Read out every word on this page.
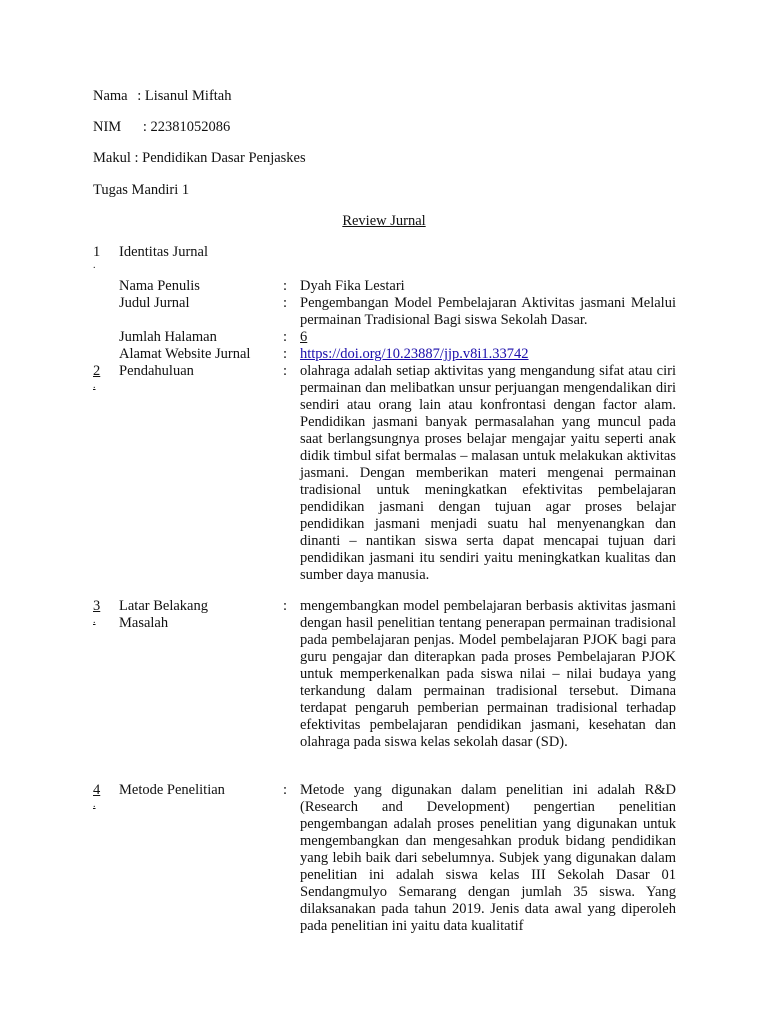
Nama : Lisanul Miftah
NIM : 22381052086
Makul : Pendidikan Dasar Penjaskes
Tugas Mandiri 1
Review Jurnal
1
.
Identitas Jurnal
Nama Penulis	: Dyah Fika Lestari
Judul Jurnal	: Pengembangan Model Pembelajaran Aktivitas jasmani Melalui permainan Tradisional Bagi siswa Sekolah Dasar.
Jumlah Halaman	: 6
Alamat Website Jurnal : https://doi.org/10.23887/jjp.v8i1.33742
2
.
Pendahuluan	: olahraga adalah setiap aktivitas yang mengandung sifat atau ciri permainan dan melibatkan unsur perjuangan mengendalikan diri sendiri atau orang lain atau konfrontasi dengan factor alam. Pendidikan jasmani banyak permasalahan yang muncul pada saat berlangsungnya proses belajar mengajar yaitu seperti anak didik timbul sifat bermalas – malasan untuk melakukan aktivitas jasmani. Dengan memberikan materi mengenai permainan tradisional untuk meningkatkan efektivitas pembelajaran pendidikan jasmani dengan tujuan agar proses belajar pendidikan jasmani menjadi suatu hal menyenangkan dan dinanti – nantikan siswa serta dapat mencapai tujuan dari pendidikan jasmani itu sendiri yaitu meningkatkan kualitas dan sumber daya manusia.
3
.
Latar Belakang
Masalah
: mengembangkan model pembelajaran berbasis aktivitas jasmani dengan hasil penelitian tentang penerapan permainan tradisional pada pembelajaran penjas. Model pembelajaran PJOK bagi para guru pengajar dan diterapkan pada proses Pembelajaran PJOK untuk memperkenalkan pada siswa nilai – nilai budaya yang terkandung dalam permainan tradisional tersebut. Dimana terdapat pengaruh pemberian permainan tradisional terhadap efektivitas pembelajaran pendidikan jasmani, kesehatan dan olahraga pada siswa kelas sekolah dasar (SD).
4
.
Metode Penelitian	: Metode yang digunakan dalam penelitian ini adalah R&D (Research and Development) pengertian penelitian pengembangan adalah proses penelitian yang digunakan untuk mengembangkan dan mengesahkan produk bidang pendidikan yang lebih baik dari sebelumnya. Subjek yang digunakan dalam penelitian ini adalah siswa kelas III Sekolah Dasar 01 Sendangmulyo Semarang dengan jumlah 35 siswa. Yang dilaksanakan pada tahun 2019. Jenis data awal yang diperoleh pada penelitian ini yaitu data kualitatif
